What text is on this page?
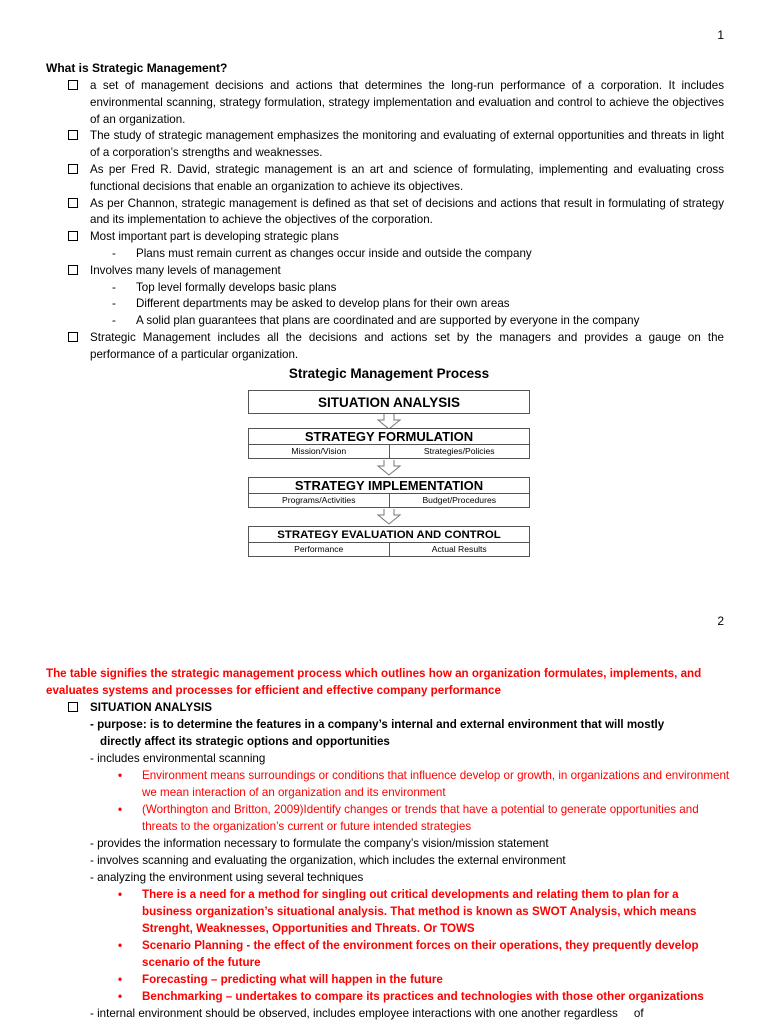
1
What is Strategic Management?
a set of management decisions and actions that determines the long-run performance of a corporation. It includes environmental scanning, strategy formulation, strategy implementation and evaluation and control to achieve the objectives of an organization.
The study of strategic management emphasizes the monitoring and evaluating of external opportunities and threats in light of a corporation’s strengths and weaknesses.
As per Fred R. David, strategic management is an art and science of formulating, implementing and evaluating cross functional decisions that enable an organization to achieve its objectives.
As per Channon, strategic management is defined as that set of decisions and actions that result in formulating of strategy and its implementation to achieve the objectives of the corporation.
Most important part is developing strategic plans
-	Plans must remain current as changes occur inside and outside the company
Involves many levels of management
-	Top level formally develops basic plans
-	Different departments may be asked to develop plans for their own areas
-	A solid plan guarantees that plans are coordinated and are supported by everyone in the company
Strategic Management includes all the decisions and actions set by the managers and provides a gauge on the performance of a particular organization.
Strategic Management Process
SITUATION ANALYSIS
STRATEGY FORMULATION
Mission/Vision	Strategies/Policies
STRATEGY IMPLEMENTATION
Programs/Activities	Budget/Procedures
STRATEGY EVALUATION AND CONTROL
Performance	Actual Results
2
The table signifies the strategic management process which outlines how an organization formulates, implements, and evaluates systems and processes for efficient and effective company performance
SITUATION ANALYSIS
- purpose: is to determine the features in a company’s internal and external environment that will mostly
directly affect its strategic options and opportunities
- includes environmental scanning
•	Environment means surroundings or conditions that influence develop or growth, in organizations and environment we mean interaction of an organization and its environment
•	(Worthington and Britton, 2009)Identify changes or trends that have a potential to generate opportunities and threats to the organization’s current or future intended strategies
- provides the information necessary to formulate the company’s vision/mission statement
- involves scanning and evaluating the organization, which includes the external environment
- analyzing the environment using several techniques
•	There is a need for a method for singling out critical developments and relating them to plan for a business organization’s situational analysis. That method is known as SWOT Analysis, which means Strenght, Weaknesses, Opportunities and Threats. Or TOWS
•	Scenario Planning - the effect of the environment forces on their operations, they prequently develop scenario of the future
•	Forecasting – predicting what will happen in the future
•	Benchmarking – undertakes to compare its practices and technologies with those other organizations
- internal environment should be observed, includes employee interactions with one another regardless     of
